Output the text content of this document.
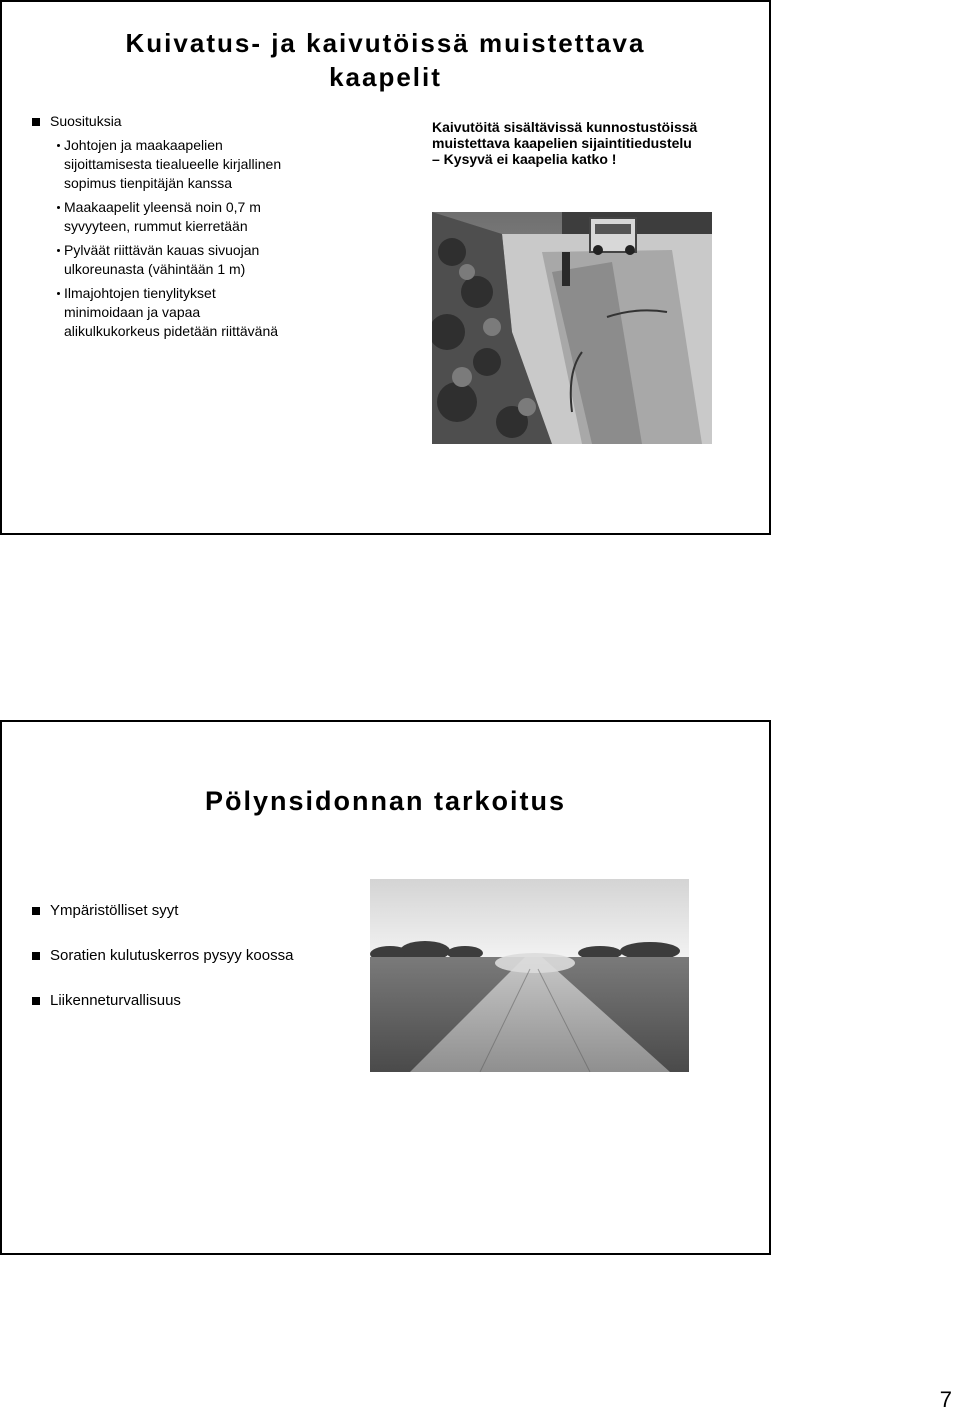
Kuivatus- ja kaivutöissä muistettava
kaapelit
Suosituksia
Johtojen ja maakaapelien
sijoittamisesta tiealueelle kirjallinen
sopimus tienpitäjän kanssa
Maakaapelit yleensä noin 0,7 m
syvyyteen, rummut kierretään
Pylväät riittävän kauas sivuojan
ulkoreunasta (vähintään 1 m)
Ilmajohtojen tienylitykset
minimoidaan ja vapaa
alikulkukorkeus pidetään riittävänä
Kaivutöitä sisältävissä kunnostustöissä
muistettava kaapelien sijaintitiedustelu
– Kysyvä ei kaapelia katko !
Pölynsidonnan tarkoitus
Ympäristölliset syyt
Soratien kulutuskerros pysyy koossa
Liikenneturvallisuus
7
